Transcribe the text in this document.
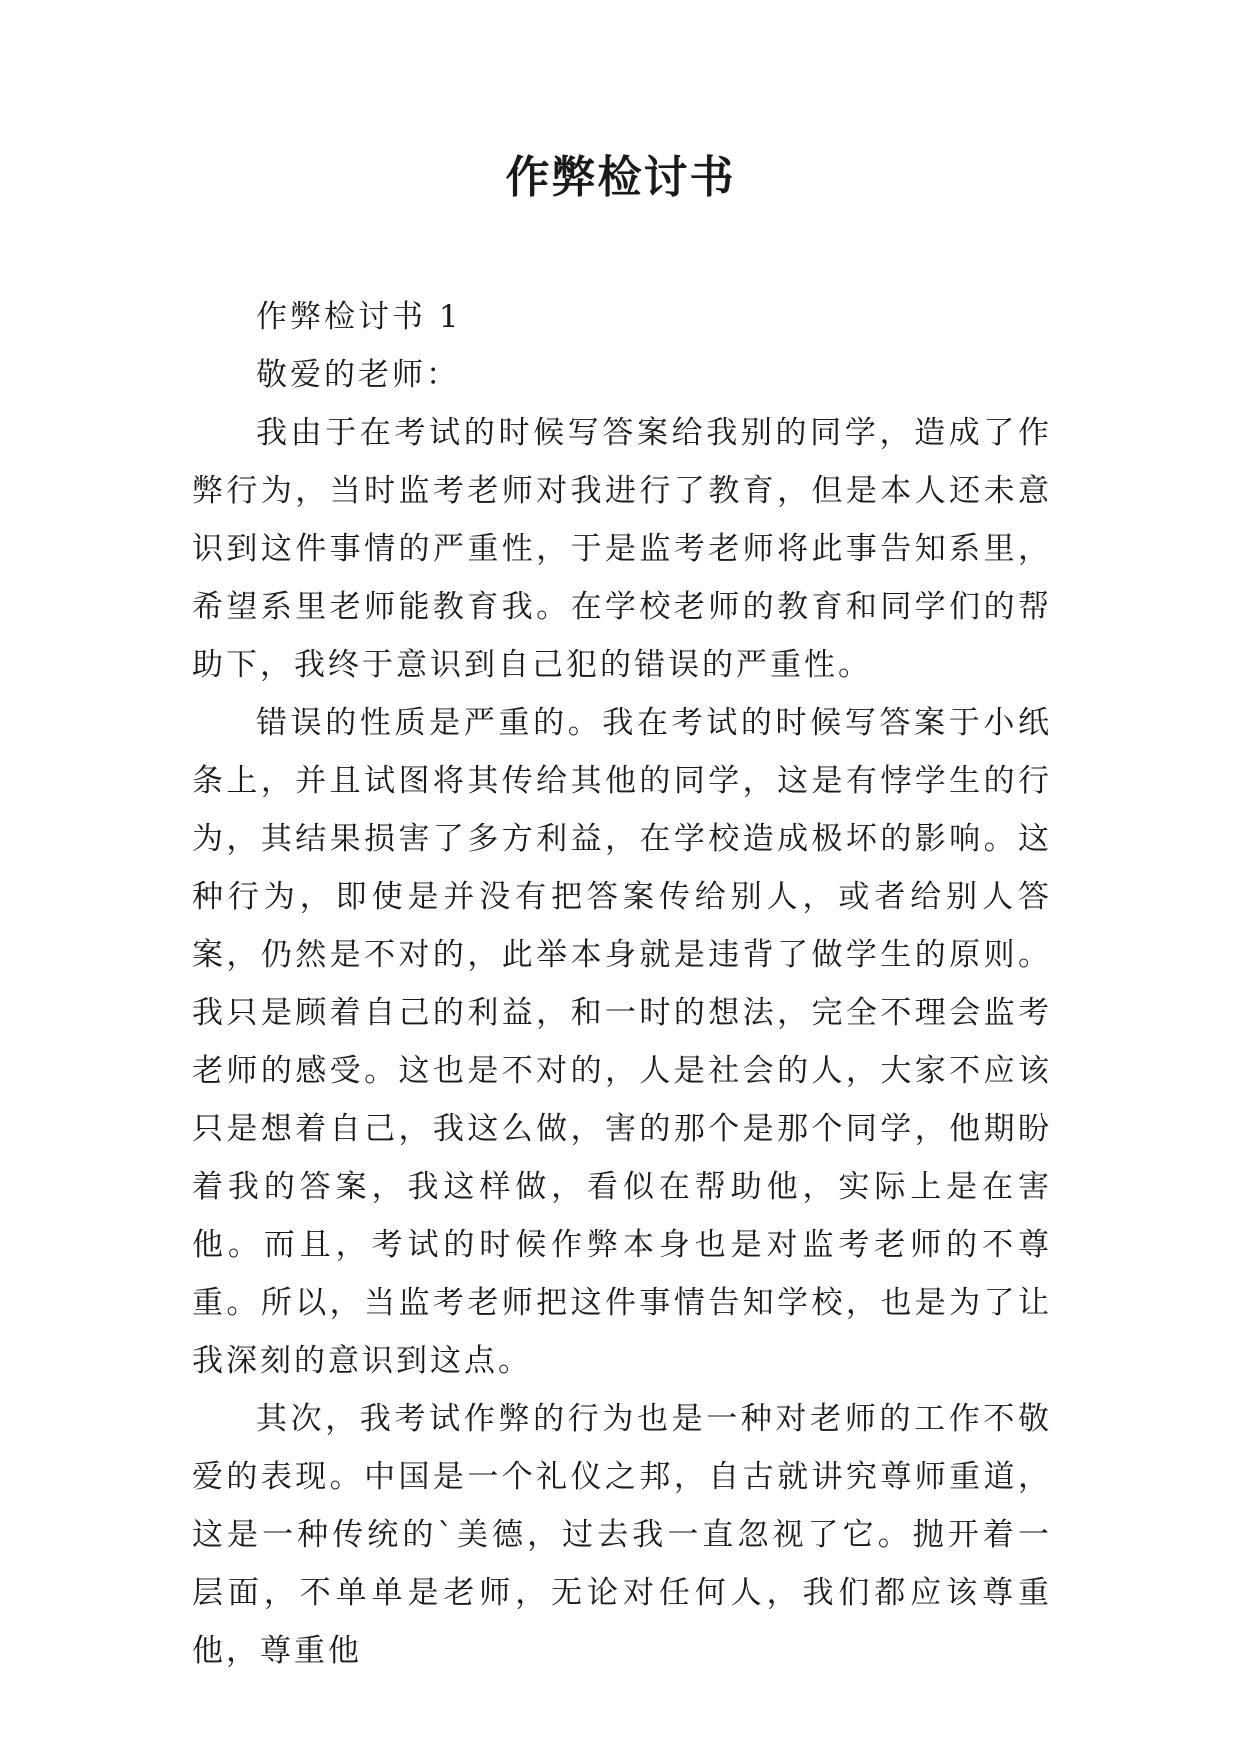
作弊检讨书

作弊检讨书 1

敬爱的老师：

我由于在考试的时候写答案给我别的同学，造成了作弊行为，当时监考老师对我进行了教育，但是本人还未意识到这件事情的严重性，于是监考老师将此事告知系里，希望系里老师能教育我。在学校老师的教育和同学们的帮助下，我终于意识到自己犯的错误的严重性。

错误的性质是严重的。我在考试的时候写答案于小纸条上，并且试图将其传给其他的同学，这是有悖学生的行为，其结果损害了多方利益，在学校造成极坏的影响。这种行为，即使是并没有把答案传给别人，或者给别人答案，仍然是不对的，此举本身就是违背了做学生的原则。我只是顾着自己的利益，和一时的想法，完全不理会监考老师的感受。这也是不对的，人是社会的人，大家不应该只是想着自己，我这么做，害的那个是那个同学，他期盼着我的答案，我这样做，看似在帮助他，实际上是在害他。而且，考试的时候作弊本身也是对监考老师的不尊重。所以，当监考老师把这件事情告知学校，也是为了让我深刻的意识到这点。

其次，我考试作弊的行为也是一种对老师的工作不敬爱的表现。中国是一个礼仪之邦，自古就讲究尊师重道，这是一种传统的`美德，过去我一直忽视了它。抛开着一层面，不单单是老师，无论对任何人，我们都应该尊重他，尊重他
